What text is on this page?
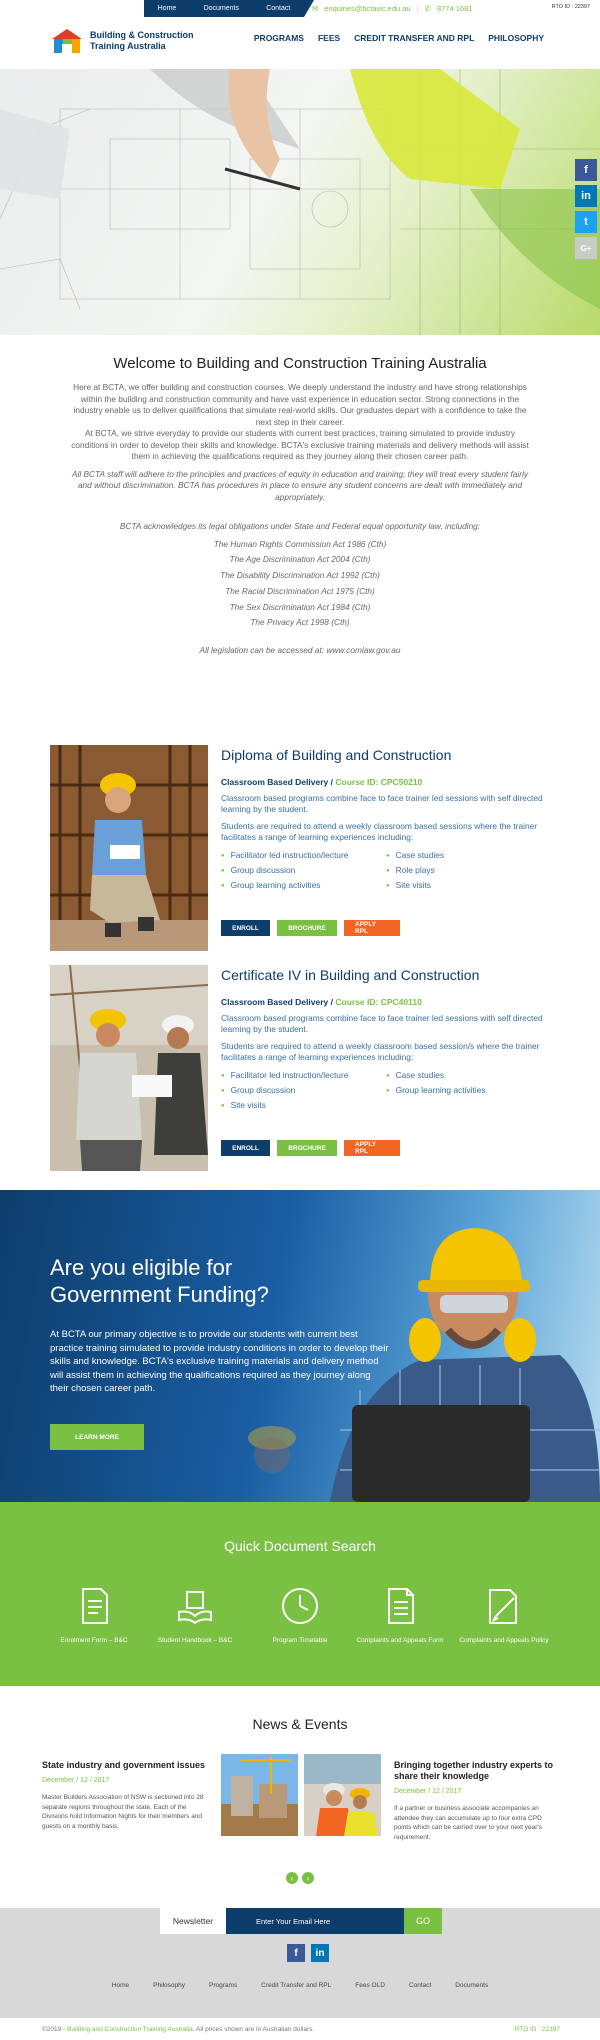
Home	Documents	Contact	✉ enquiries@bctavic.edu.au | ✆ 8774 1681	RTO ID : 22397
Building & Construction
Training Australia
PROGRAMS FEES CREDIT TRANSFER AND RPL PHILOSOPHY
f
in
t
G+
Welcome to Building and Construction Training Australia

Here at BCTA, we offer building and construction courses. We deeply understand the industry and have strong relationships within the building and construction community and have vast experience in education sector. Strong connections in the industry enable us to deliver qualifications that simulate real-world skills. Our graduates depart with a confidence to take the next step in their career.

At BCTA, we strive everyday to provide our students with current best practices, training simulated to provide industry conditions in order to develop their skills and knowledge. BCTA's exclusive training materials and delivery methods will assist them in achieving the qualifications required as they journey along their chosen career path.

All BCTA staff will adhere to the principles and practices of equity in education and training; they will treat every student fairly and without discrimination. BCTA has procedures in place to ensure any student concerns are dealt with immediately and appropriately.

BCTA acknowledges its legal obligations under State and Federal equal opportunity law, including:

The Human Rights Commission Act 1986 (Cth)

The Age Discrimination Act 2004 (Cth)

The Disability Discrimination Act 1992 (Cth)

The Racial Discrimination Act 1975 (Cth)

The Sex Discrimination Act 1984 (Cth)

The Privacy Act 1998 (Cth)

All legislation can be accessed at: www.comlaw.gov.au

Diploma of Building and Construction
Classroom Based Delivery / Course ID: CPC50210

Classroom based programs combine face to face trainer led sessions with self directed learning by the student.

Students are required to attend a weekly classroom based sessions where the trainer facilitates a range of learning experiences including:

● Facilitator led instruction/lecture	● Case studies
● Group discussion	● Role plays
● Group learning activities	● Site visits
ENROLL	BROCHURE	APPLY RPL
Certificate IV in Building and Construction
Classroom Based Delivery / Course ID: CPC40110

Classroom based programs combine face to face trainer led sessions with self directed learning by the student.

Students are required to attend a weekly classroom based session/s where the trainer facilitates a range of learning experiences including:

● Facilitator led instruction/lecture	● Case studies
● Group discussion	● Group learning activities
● Site visits
ENROLL	BROCHURE	APPLY RPL
Are you eligible for Government Funding?

At BCTA our primary objective is to provide our students with current best practice training simulated to provide industry conditions in order to develop their skills and knowledge. BCTA's exclusive training materials and delivery method will assist them in achieving the qualifications required as they journey along their chosen career path.

LEARN MORE
Quick Document Search
Enrolment Form – B&C	Student Handbook – B&C	Program Timetable	Complaints and Appeals Form	Complaints and Appeals Policy
News & Events
State industry and government issues
December / 12 / 2017

Master Builders Association of NSW is sectioned into 28 separate regions throughout the state. Each of the Divisions hold Information Nights for their members and guests on a monthly basis.

Bringing together industry experts to share their knowledge
December / 12 / 2017

If a partner or business associate accompanies an attendee they can accumulate up to four extra CPD points which can be carried over to your next year's requirement.

‹	›
Newsletter	Enter Your Email Here	GO
f	in
Home	Philosophy	Programs	Credit Transfer and RPL	Fees OLD	Contact	Documents
©2019 - Building and Construction Training Australia. All prices shown are in Australian dollars.	RTO ID : 22397
